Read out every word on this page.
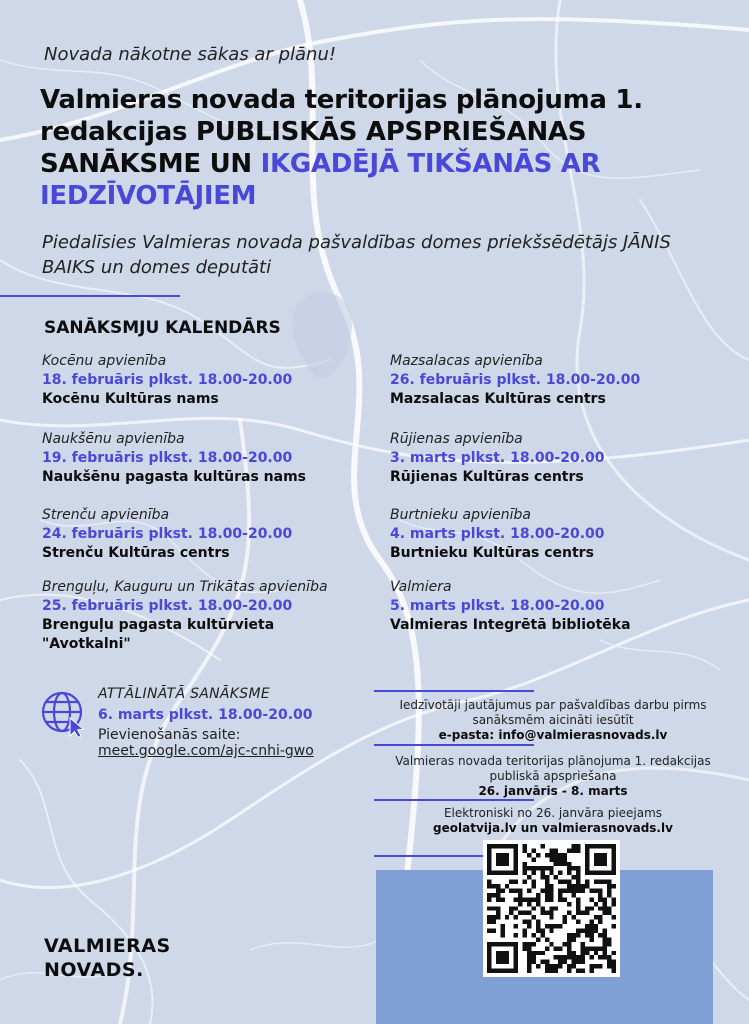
Novada nākotne sākas ar plānu!
Valmieras novada teritorijas plānojuma 1. redakcijas PUBLISKĀS APSPRIEŠANAS SANĀKSME UN IKGADĒJĀ TIKŠANĀS AR IEDZĪVOTĀJIEM
Piedalīsies Valmieras novada pašvaldības domes priekšsēdētājs JĀNIS BAIKS un domes deputāti
SANĀKSMJU KALENDĀRS
Kocēnu apvienība
18. februāris plkst. 18.00-20.00
Kocēnu Kultūras nams
Naukšēnu apvienība
19. februāris plkst. 18.00-20.00
Naukšēnu pagasta kultūras nams
Strenču apvienība
24. februāris plkst. 18.00-20.00
Strenču Kultūras centrs
Brenguļu, Kauguru un Trikātas apvienība
25. februāris plkst. 18.00-20.00
Brenguļu pagasta kultūrvieta "Avotkalni"
Mazsalacas apvienība
26. februāris plkst. 18.00-20.00
Mazsalacas Kultūras centrs
Rūjienas apvienība
3. marts plkst. 18.00-20.00
Rūjienas Kultūras centrs
Burtnieku apvienība
4. marts plkst. 18.00-20.00
Burtnieku Kultūras centrs
Valmiera
5. marts plkst. 18.00-20.00
Valmieras Integrētā bibliotēka
ATTĀLINĀTĀ SANĀKSME
6. marts plkst. 18.00-20.00
Pievienošanās saite:
meet.google.com/ajc-cnhi-gwo
Iedzīvotāji jautājumus par pašvaldības darbu pirms sanāksmēm aicināti iesūtīt
e-pasta: info@valmierasnovads.lv
Valmieras novada teritorijas plānojuma 1. redakcijas publiskā apspriešana
26. janvāris - 8. marts
Elektroniski no 26. janvāra pieejams
geolatvija.lv un valmierasnovads.lv
VALMIERAS
NOVADS.
